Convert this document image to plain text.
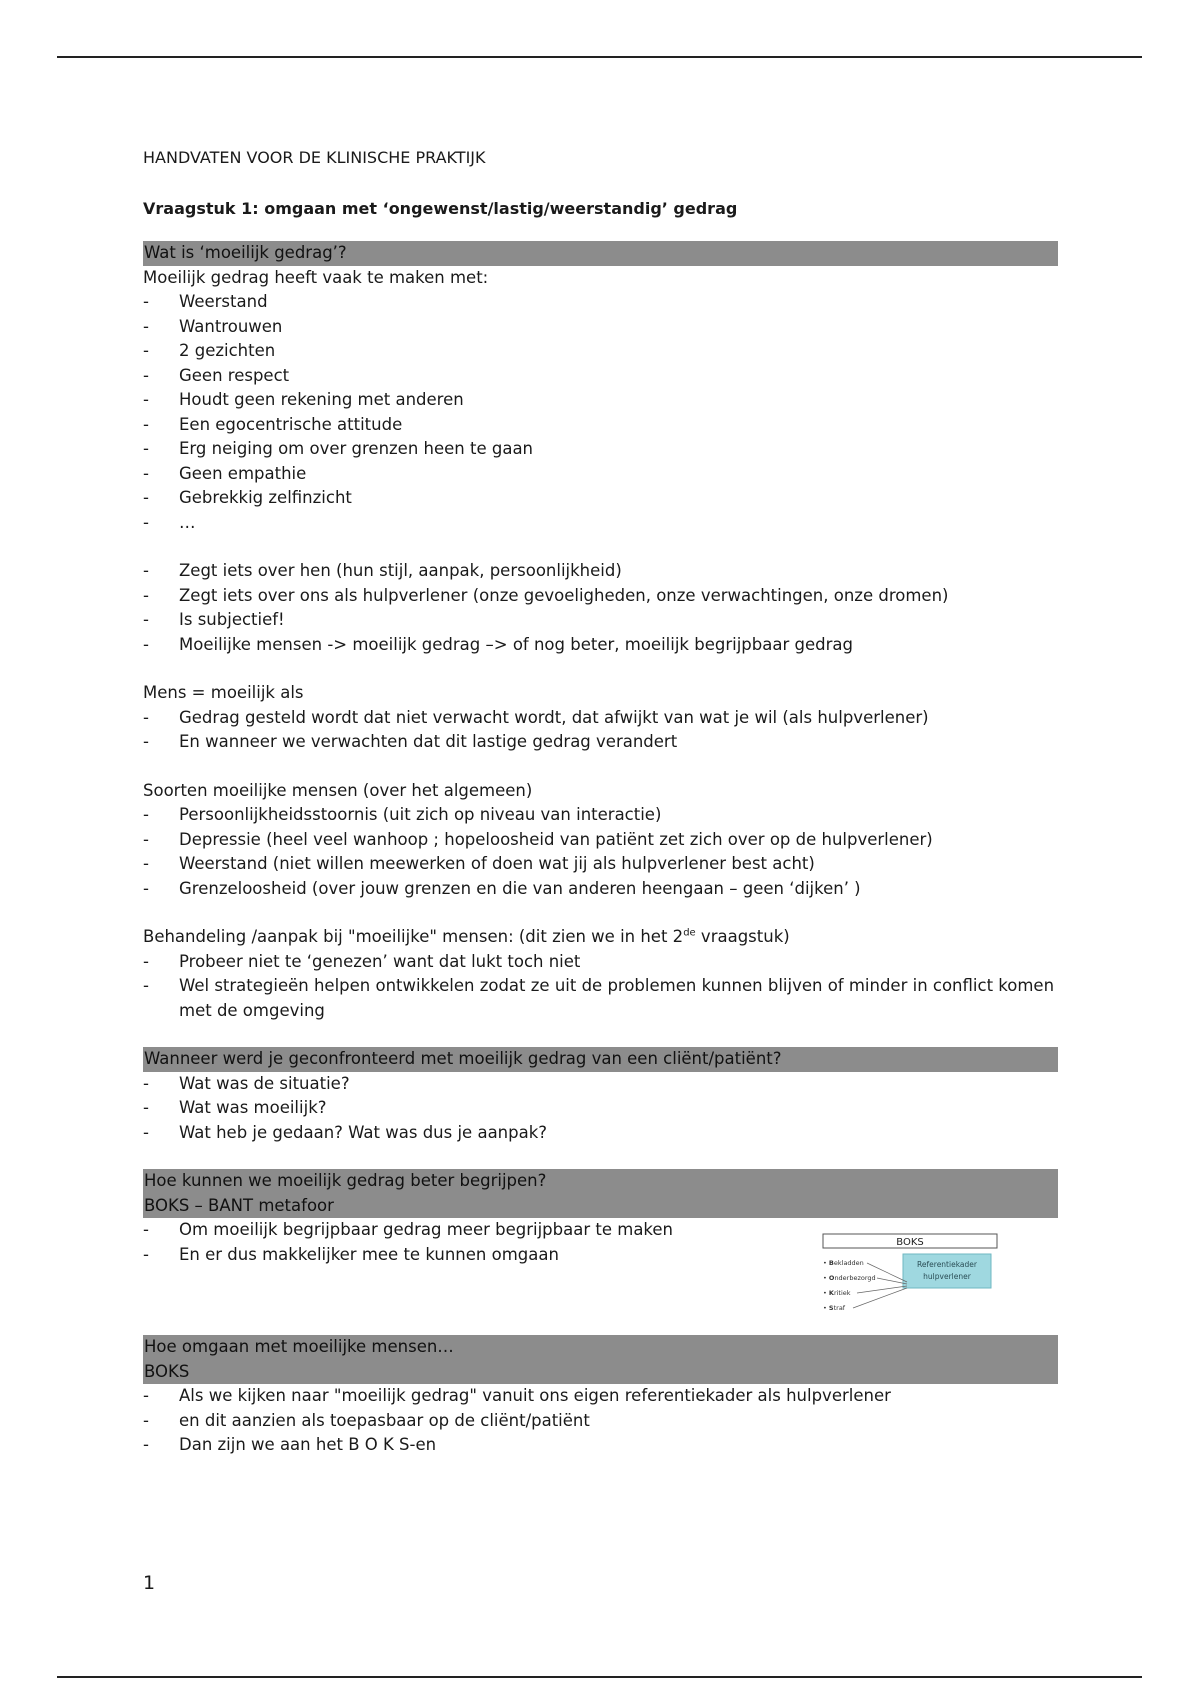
HANDVATEN VOOR DE KLINISCHE PRAKTIJK

Vraagstuk 1: omgaan met ‘ongewenst/lastig/weerstandig’ gedrag

Wat is ‘moeilijk gedrag’?

Moeilijk gedrag heeft vaak te maken met:

- Weerstand
- Wantrouwen
- 2 gezichten
- Geen respect
- Houdt geen rekening met anderen
- Een egocentrische attitude
- Erg neiging om over grenzen heen te gaan
- Geen empathie
- Gebrekkig zelfinzicht
- …
- Zegt iets over hen (hun stijl, aanpak, persoonlijkheid)
- Zegt iets over ons als hulpverlener (onze gevoeligheden, onze verwachtingen, onze dromen)
- Is subjectief!
- Moeilijke mensen -> moeilijk gedrag –> of nog beter, moeilijk begrijpbaar gedrag

Mens = moeilijk als

- Gedrag gesteld wordt dat niet verwacht wordt, dat afwijkt van wat je wil (als hulpverlener)
- En wanneer we verwachten dat dit lastige gedrag verandert

Soorten moeilijke mensen (over het algemeen)

- Persoonlijkheidsstoornis (uit zich op niveau van interactie)
- Depressie (heel veel wanhoop ; hopeloosheid van patiënt zet zich over op de hulpverlener)
- Weerstand (niet willen meewerken of doen wat jij als hulpverlener best acht)
- Grenzeloosheid (over jouw grenzen en die van anderen heengaan – geen ‘dijken’ )

Behandeling /aanpak bij "moeilijke" mensen: (dit zien we in het 2de vraagstuk)

- Probeer niet te ‘genezen’ want dat lukt toch niet
- Wel strategieën helpen ontwikkelen zodat ze uit de problemen kunnen blijven of minder in conflict komen met de omgeving
Wanneer werd je geconfronteerd met moeilijk gedrag van een cliënt/patiënt?
- Wat was de situatie?
- Wat was moeilijk?
- Wat heb je gedaan? Wat was dus je aanpak?
Hoe kunnen we moeilijk gedrag beter begrijpen?
BOKS – BANT metafoor
- Om moeilijk begrijpbaar gedrag meer begrijpbaar te maken
- En er dus makkelijker mee te kunnen omgaan
BOKS
Referentiekader
hulpverlener
• Bekladden
• Onderbezorgd
• Kritiek
• Straf
Hoe omgaan met moeilijke mensen…
BOKS
- Als we kijken naar "moeilijk gedrag" vanuit ons eigen referentiekader als hulpverlener
- en dit aanzien als toepasbaar op de cliënt/patiënt
- Dan zijn we aan het B O K S-en
1
